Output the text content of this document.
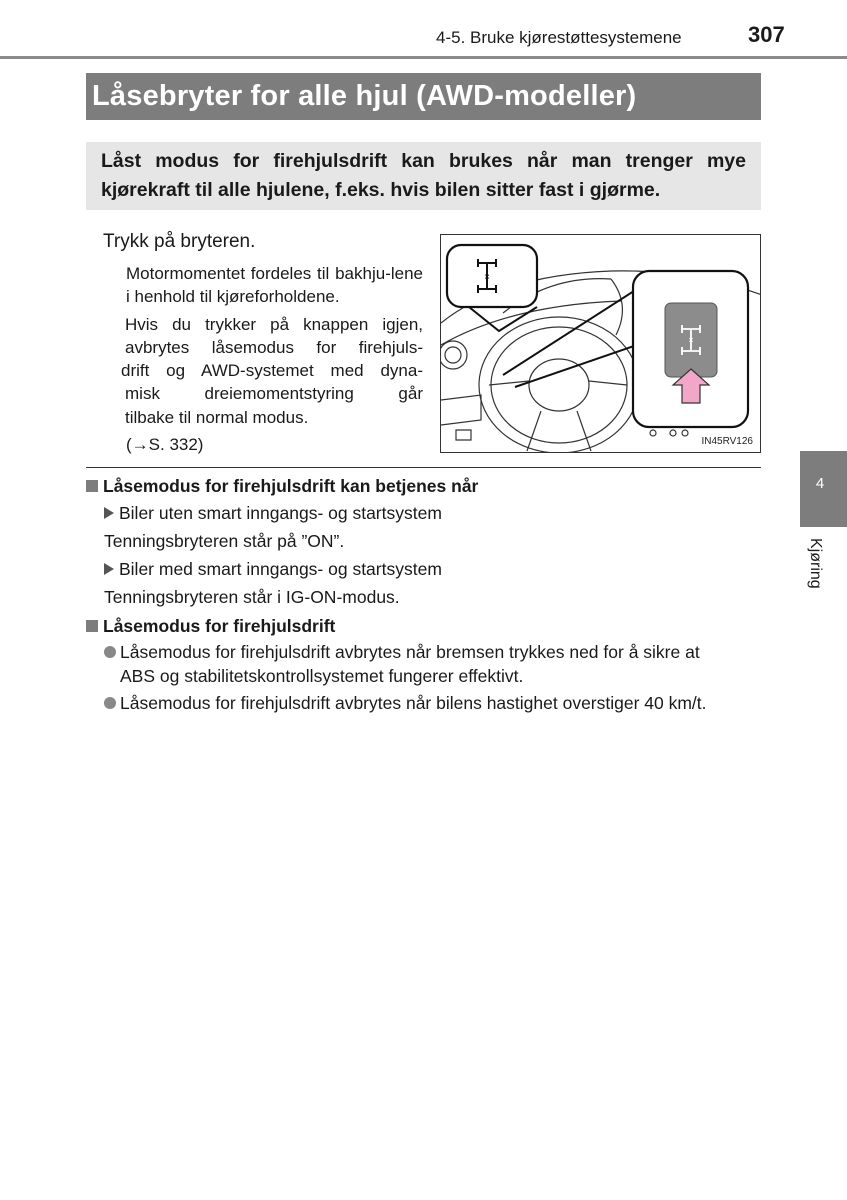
4-5. Bruke kjørestøttesystemene	307
Låsebryter for alle hjul (AWD-modeller)

Låst modus for firehjulsdrift kan brukes når man trenger mye kjørekraft til alle hjulene, f.eks. hvis bilen sitter fast i gjørme.

Trykk på bryteren.

Motormomentet fordeles til bakhju-lene i henhold til kjøreforholdene.

Hvis du trykker på knappen igjen,
avbrytes låsemodus for firehjuls-
drift og AWD-systemet med dyna-
misk dreiemomentstyring går
tilbake til normal modus.

(→S. 332)
×
×
IN45RV126
4
Kjøring
Låsemodus for firehjulsdrift kan betjenes når
Biler uten smart inngangs- og startsystem
Tenningsbryteren står på ”ON”.
Biler med smart inngangs- og startsystem
Tenningsbryteren står i IG-ON-modus.
Låsemodus for firehjulsdrift
Låsemodus for firehjulsdrift avbrytes når bremsen trykkes ned for å sikre at
ABS og stabilitetskontrollsystemet fungerer effektivt.
Låsemodus for firehjulsdrift avbrytes når bilens hastighet overstiger 40 km/t.
